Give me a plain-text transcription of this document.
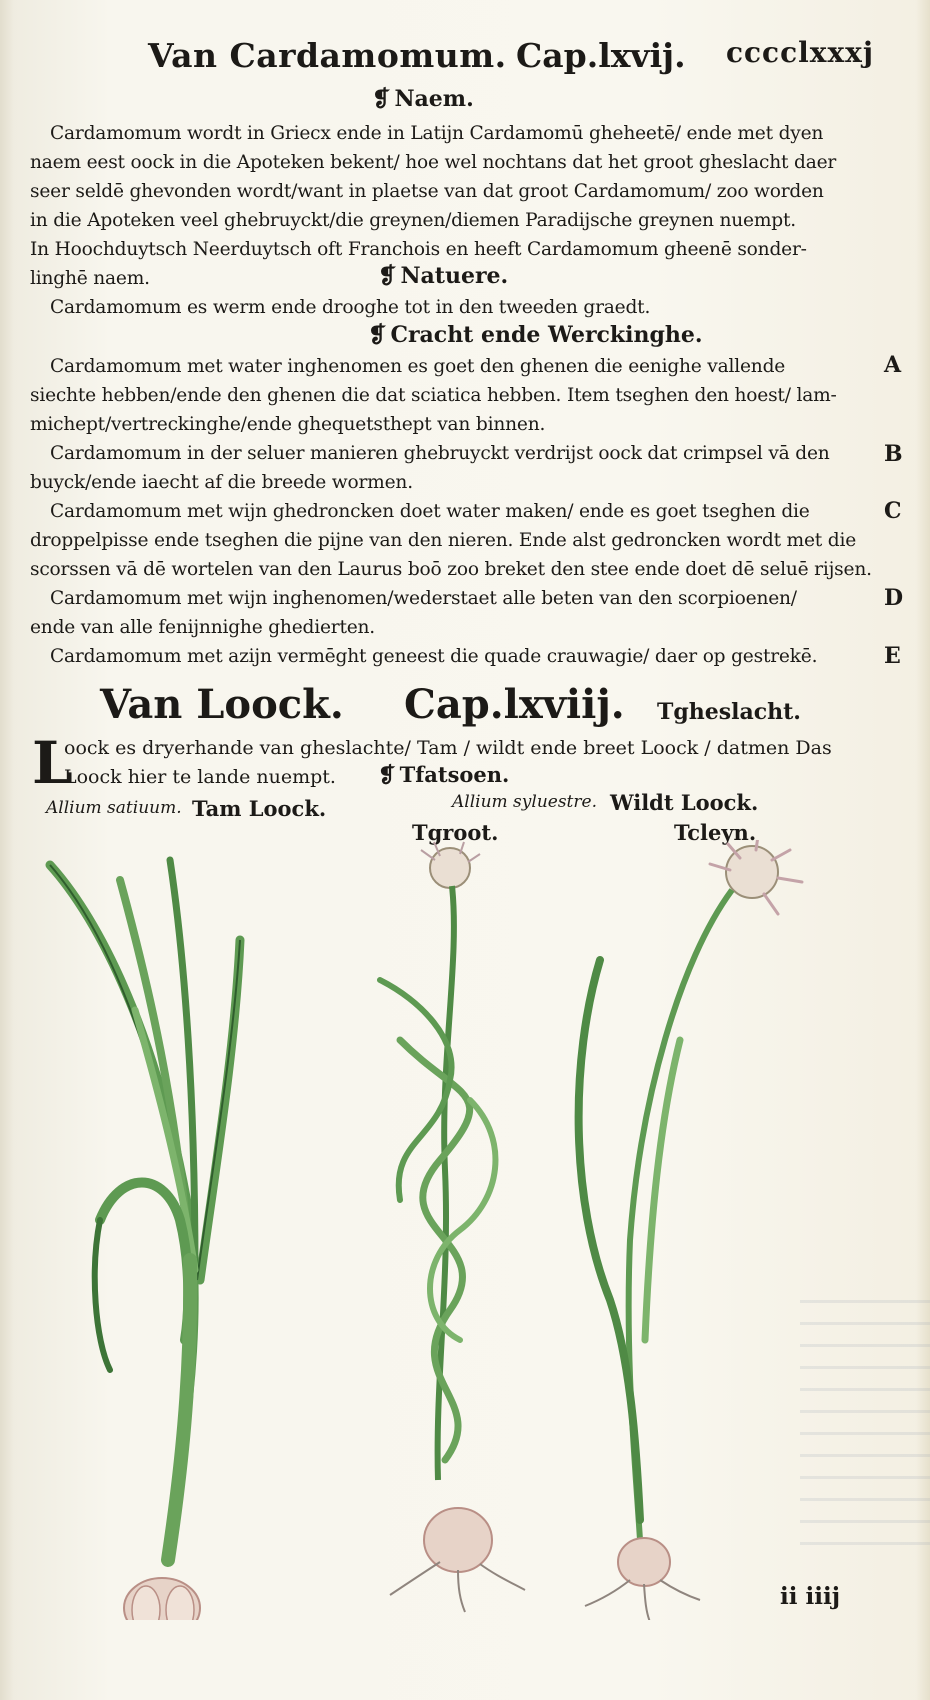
Van Cardamomum. Cap.lxvij. cccclxxxj
❡ Naem.
Cardamomum wordt in Griecx ende in Latijn Cardamomū gheheetē/ ende met dyen
naem eest oock in die Apoteken bekent/ hoe wel nochtans dat het groot gheslacht daer
seer seldē ghevonden wordt/want in plaetse van dat groot Cardamomum/ zoo worden
in die Apoteken veel ghebruyckt/die greynen/diemen Paradijsche greynen nuempt.
In Hoochduytsch Neerduytsch oft Franchois en heeft Cardamomum gheenē sonder-
linghē naem.	❡ Natuere.
Cardamomum es werm ende drooghe tot in den tweeden graedt.
❡ Cracht ende Werckinghe.
Cardamomum met water inghenomen es goet den ghenen die eenighe vallende
siechte hebben/ende den ghenen die dat sciatica hebben. Item tseghen den hoest/ lam-
michept/vertreckinghe/ende ghequetsthept van binnen.
Cardamomum in der seluer manieren ghebruyckt verdrijst oock dat crimpsel vā den
buyck/ende iaecht af die breede wormen.
Cardamomum met wijn ghedroncken doet water maken/ ende es goet tseghen die
droppelpisse ende tseghen die pijne van den nieren. Ende alst gedroncken wordt met die
scorssen vā dē wortelen van den Laurus boō zoo breket den stee ende doet dē seluē rijsen.
Cardamomum met wijn inghenomen/wederstaet alle beten van den scorpioenen/
ende van alle fenijnnighe ghedierten.
Cardamomum met azijn vermēght geneest die quade crauwagie/ daer op gestrekē.
A
B
C
D
E
Van Loock. Cap.lxviij. Tgheslacht.
L
oock es dryerhande van gheslachte/ Tam / wildt ende breet Loock / datmen Das
Loock hier te lande nuempt. ❡ Tfatsoen.
Allium satiuum. Tam Loock.	Allium syluestre. Wildt Loock.
Tgroot.	Tcleyn.
ii iiij
